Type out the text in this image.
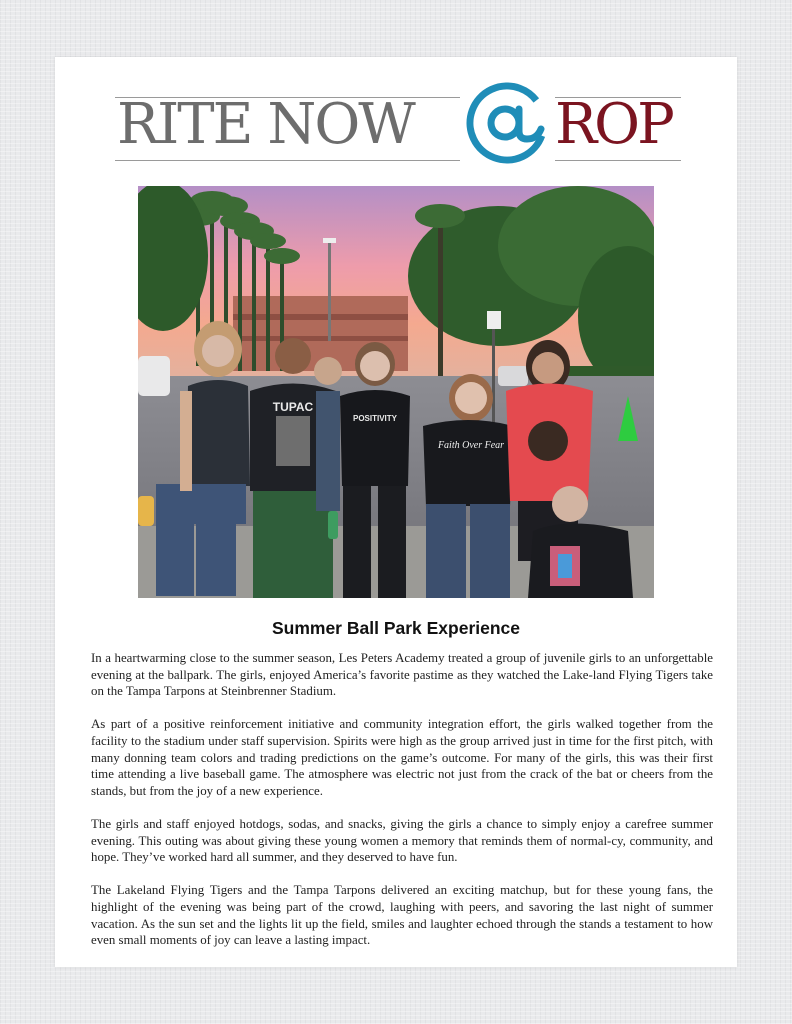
RITE NOW	ROP
TUPAC
POSITIVITY
Faith Over Fear
Summer Ball Park Experience

In a heartwarming close to the summer season, Les Peters Academy treated a group of juvenile girls to an unforgettable evening at the ballpark. The girls, enjoyed America’s favorite pastime as they watched the Lake-land Flying Tigers take on the Tampa Tarpons at Steinbrenner Stadium.

As part of a positive reinforcement initiative and community integration effort, the girls walked together from the facility to the stadium under staff supervision. Spirits were high as the group arrived just in time for the first pitch, with many donning team colors and trading predictions on the game’s outcome. For many of the girls, this was their first time attending a live baseball game. The atmosphere was electric not just from the crack of the bat or cheers from the stands, but from the joy of a new experience.

The girls and staff enjoyed hotdogs, sodas, and snacks, giving the girls a chance to simply enjoy a carefree summer evening. This outing was about giving these young women a memory that reminds them of normal-cy, community, and hope. They’ve worked hard all summer, and they deserved to have fun.

The Lakeland Flying Tigers and the Tampa Tarpons delivered an exciting matchup, but for these young fans, the highlight of the evening was being part of the crowd, laughing with peers, and savoring the last night of summer vacation. As the sun set and the lights lit up the field, smiles and laughter echoed through the stands a testament to how even small moments of joy can leave a lasting impact.
